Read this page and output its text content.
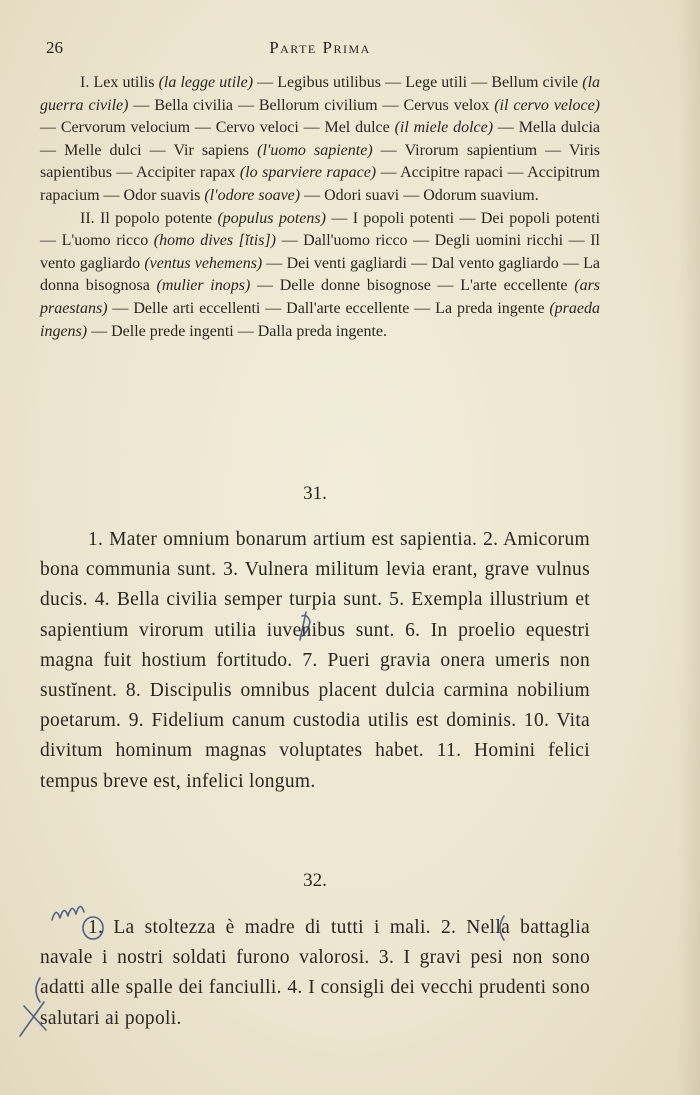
26	Parte Prima

I. Lex utilis (la legge utile) — Legibus utilibus — Lege utili — Bellum civile (la guerra civile) — Bella civilia — Bellorum civilium — Cervus velox (il cervo veloce) — Cervorum velocium — Cervo veloci — Mel dulce (il miele dolce) — Mella dulcia — Melle dulci — Vir sapiens (l'uomo sapiente) — Virorum sapientium — Viris sapientibus — Accipiter rapax (lo sparviere rapace) — Accipitre rapaci — Accipitrum rapacium — Odor suavis (l'odore soave) — Odori suavi — Odorum suavium.

II. Il popolo potente (populus potens) — I popoli potenti — Dei popoli potenti — L'uomo ricco (homo dives [ĭtis]) — Dall'uomo ricco — Degli uomini ricchi — Il vento gagliardo (ventus vehemens) — Dei venti gagliardi — Dal vento gagliardo — La donna bisognosa (mulier inops) — Delle donne bisognose — L'arte eccellente (ars praestans) — Delle arti eccellenti — Dall'arte eccellente — La preda ingente (praeda ingens) — Delle prede ingenti — Dalla preda ingente.

31.

1. Mater omnium bonarum artium est sapientia. 2. Amicorum bona communia sunt. 3. Vulnera militum levia erant, grave vulnus ducis. 4. Bella civilia semper turpia sunt. 5. Exempla illustrium et sapientium virorum utilia iuvenibus sunt. 6. In proelio equestri magna fuit hostium fortitudo. 7. Pueri gravia onera umeris non sustĭnent. 8. Discipulis omnibus placent dulcia carmina nobilium poetarum. 9. Fidelium canum custodia utilis est dominis. 10. Vita divitum hominum magnas voluptates habet. 11. Homini felici tempus breve est, infelici longum.

32.

1. La stoltezza è madre di tutti i mali. 2. Nella battaglia navale i nostri soldati furono valorosi. 3. I gravi pesi non sono adatti alle spalle dei fanciulli. 4. I consigli dei vecchi prudenti sono salutari ai popoli.
